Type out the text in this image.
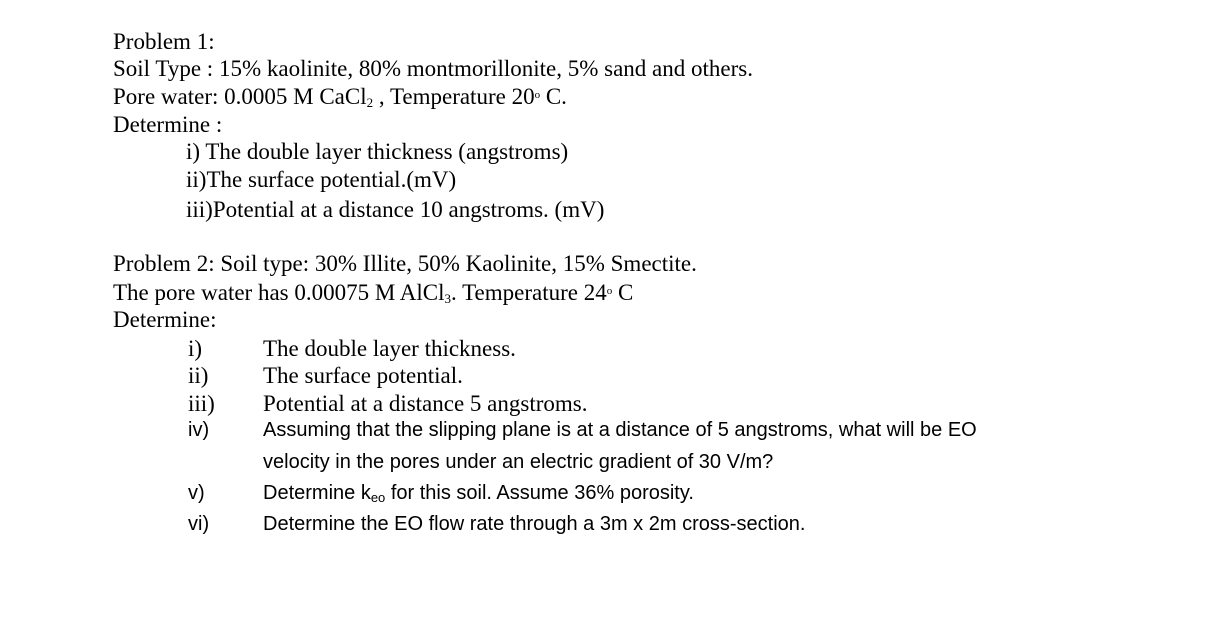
Problem 1:
Soil Type : 15% kaolinite, 80% montmorillonite, 5% sand and others.
Pore water: 0.0005 M CaCl$_2$ , Temperature 20$^o$ C.
Determine :
i) The double layer thickness (angstroms)
ii)The surface potential.(mV)
iii)Potential at a distance 10 angstroms. (mV)
Problem 2: Soil type: 30% Illite, 50% Kaolinite, 15% Smectite.
The pore water has 0.00075 M AlCl$_3$. Temperature 24$^o$ C
Determine:
i)	The double layer thickness.
ii) The surface potential.
iii) Potential at a distance 5 angstroms.
iv)	Assuming that the slipping plane is at a distance of 5 angstroms, what will be EO
velocity in the pores under an electric gradient of 30 V/m?
v)	Determine $k_{eo}$ for this soil. Assume 36% porosity.
vi)	Determine the EO flow rate through a 3m x 2m cross-section.
